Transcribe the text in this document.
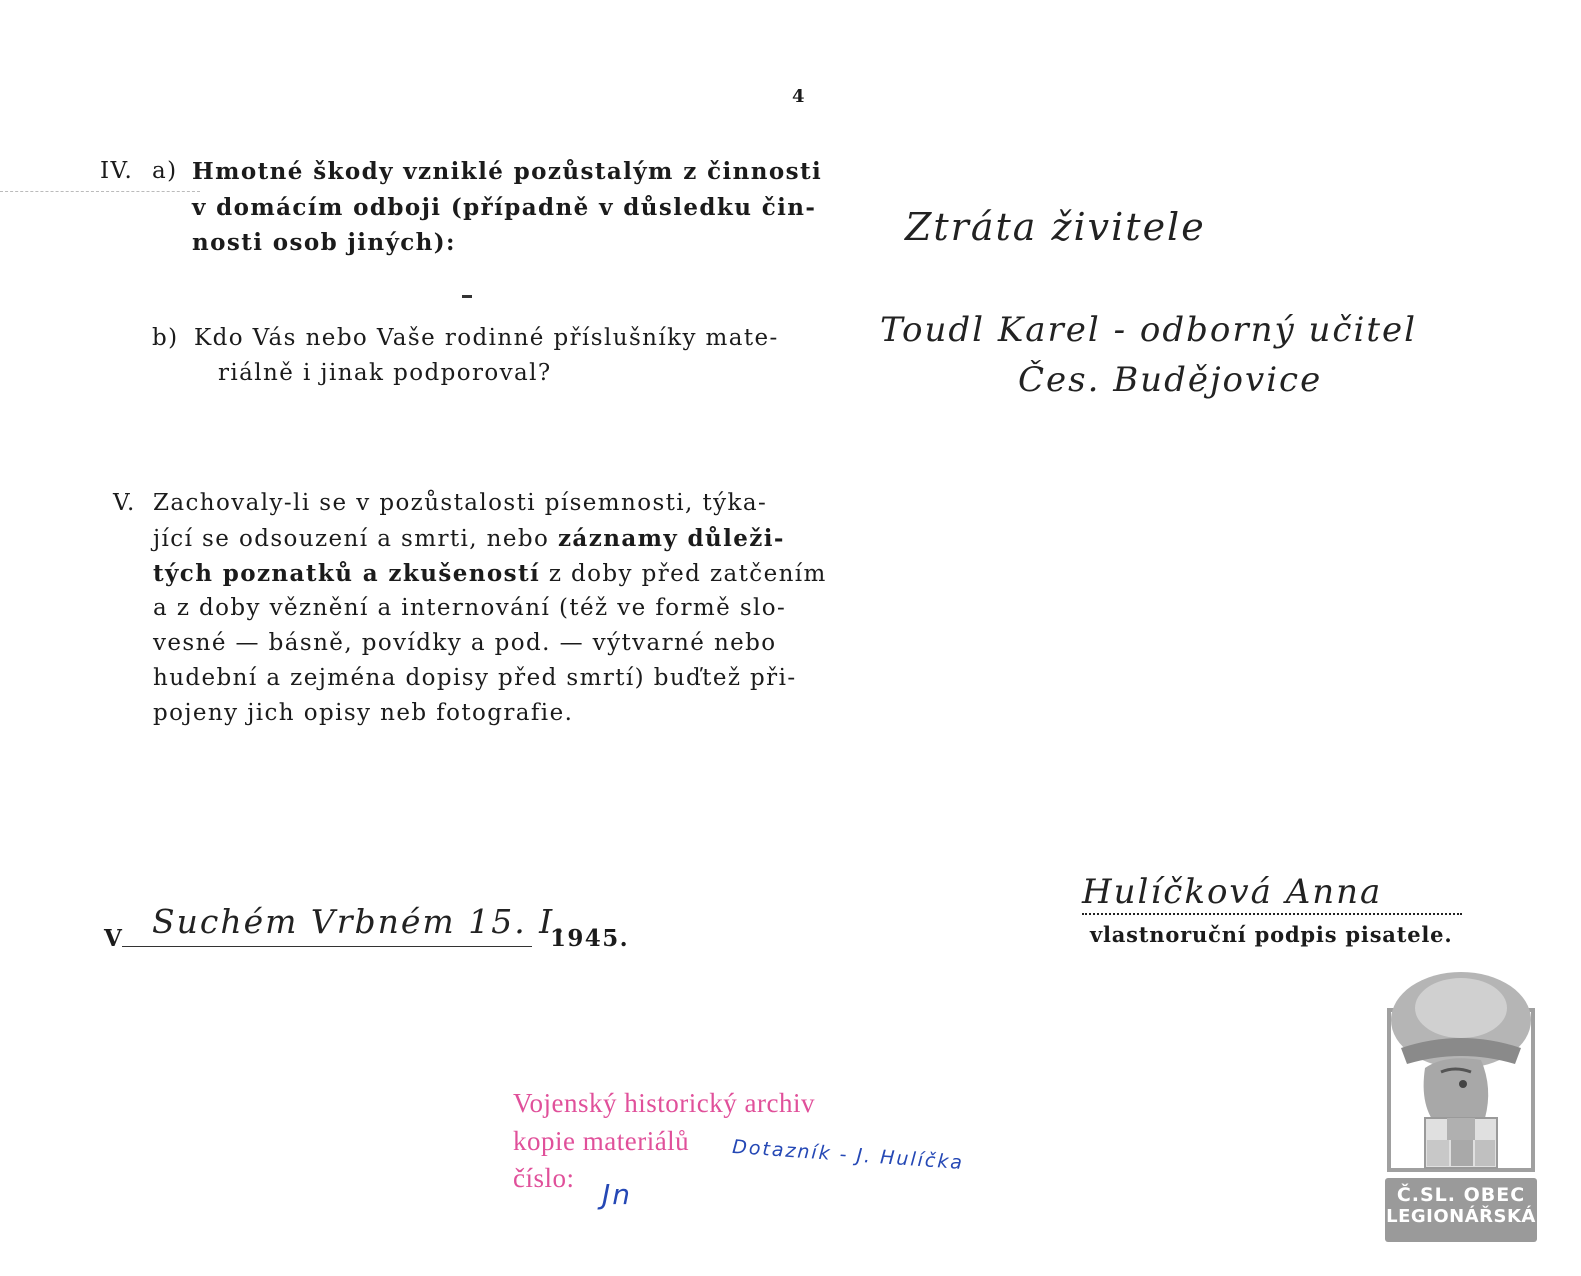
4
IV. a) Hmotné škody vzniklé pozůstalým z činnosti
v domácím odboji (případně v důsledku čin-
nosti osob jiných):
b) Kdo Vás nebo Vaše rodinné příslušníky mate-
riálně i jinak podporoval?
V. Zachovaly-li se v pozůstalosti písemnosti, týka-
jící se odsouzení a smrti, nebo záznamy důleži-
tých poznatků a zkušeností z doby před zatčením
a z doby věznění a internování (též ve formě slo-
vesné — básně, povídky a pod. — výtvarné nebo
hudební a zejména dopisy před smrtí) buďtež při-
pojeny jich opisy neb fotografie.
Ztráta živitele
Toudl Karel - odborný učitel
Čes. Budějovice
V Suchém Vrbném 15. I.
1945.
Hulíčková Anna
vlastnoruční podpis pisatele.
Vojenský historický archiv
kopie materiálů
číslo:
Dotazník - J. Hulíčka
Jn	Č.SL. OBEC
LEGIONÁŘSKÁ
